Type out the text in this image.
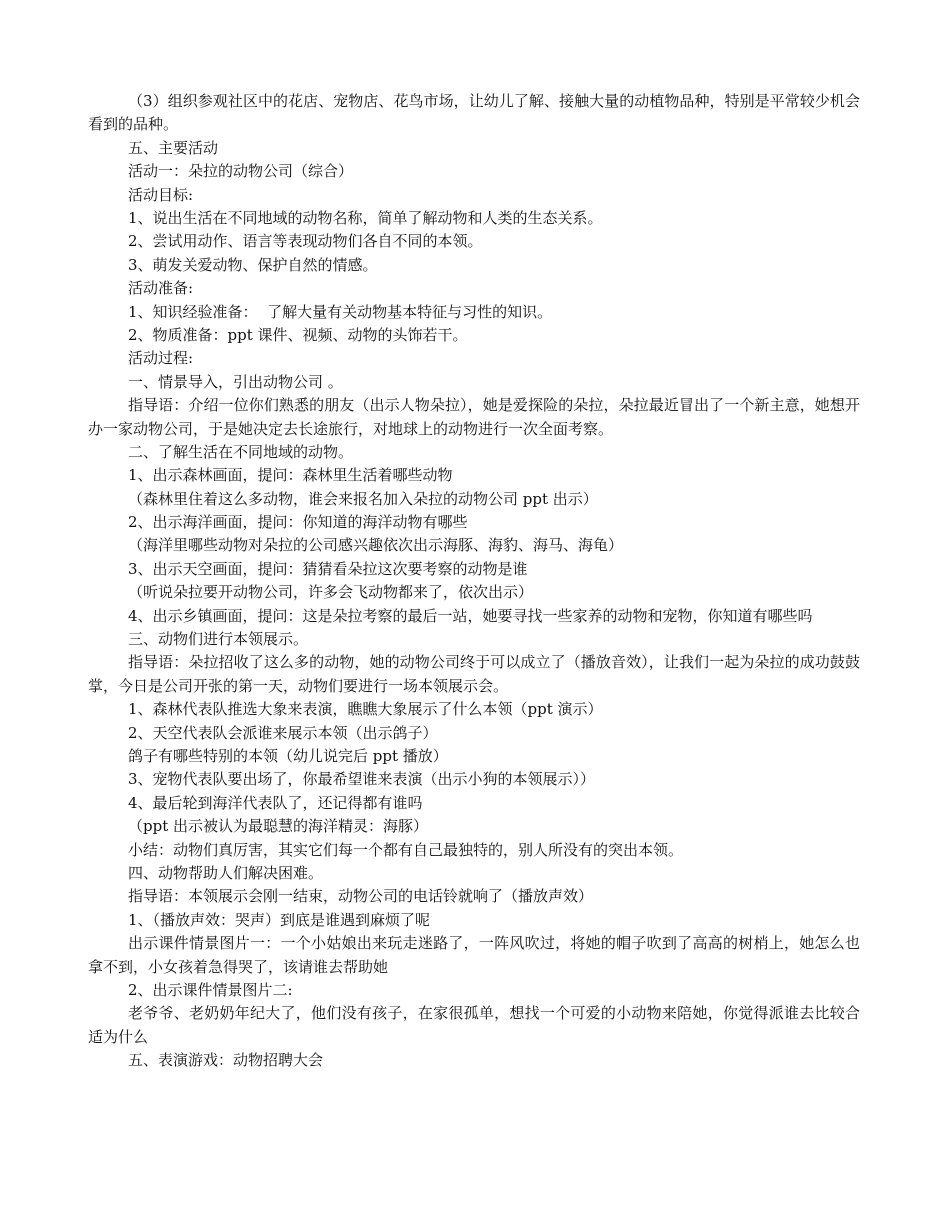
（3）组织参观社区中的花店、宠物店、花鸟市场，让幼儿了解、接触大量的动植物品种，特别是平常较少机会看到的品种。
五、主要活动
活动一：朵拉的动物公司（综合）
活动目标:
1、说出生活在不同地域的动物名称，简单了解动物和人类的生态关系。
2、尝试用动作、语言等表现动物们各自不同的本领。
3、萌发关爱动物、保护自然的情感。
活动准备:
1、知识经验准备：  了解大量有关动物基本特征与习性的知识。
2、物质准备：ppt 课件、视频、动物的头饰若干。
活动过程:
一、情景导入，引出动物公司 。
指导语：介绍一位你们熟悉的朋友（出示人物朵拉），她是爱探险的朵拉，朵拉最近冒出了一个新主意，她想开办一家动物公司，于是她决定去长途旅行，对地球上的动物进行一次全面考察。
二、了解生活在不同地域的动物。
1、出示森林画面，提问：森林里生活着哪些动物
（森林里住着这么多动物，谁会来报名加入朵拉的动物公司 ppt 出示）
2、出示海洋画面，提问：你知道的海洋动物有哪些
（海洋里哪些动物对朵拉的公司感兴趣依次出示海豚、海豹、海马、海龟）
3、出示天空画面，提问：猜猜看朵拉这次要考察的动物是谁
（听说朵拉要开动物公司，许多会飞动物都来了，依次出示）
4、出示乡镇画面，提问：这是朵拉考察的最后一站，她要寻找一些家养的动物和宠物，你知道有哪些吗
三、动物们进行本领展示。
指导语：朵拉招收了这么多的动物，她的动物公司终于可以成立了（播放音效），让我们一起为朵拉的成功鼓鼓掌，今日是公司开张的第一天，动物们要进行一场本领展示会。
1、森林代表队推选大象来表演，瞧瞧大象展示了什么本领（ppt 演示）
2、天空代表队会派谁来展示本领（出示鸽子）
鸽子有哪些特别的本领（幼儿说完后 ppt 播放）
3、宠物代表队要出场了，你最希望谁来表演（出示小狗的本领展示））
4、最后轮到海洋代表队了，还记得都有谁吗
（ppt 出示被认为最聪慧的海洋精灵：海豚）
小结：动物们真厉害，其实它们每一个都有自己最独特的，别人所没有的突出本领。
四、动物帮助人们解决困难。
指导语：本领展示会刚一结束，动物公司的电话铃就响了（播放声效）
1、（播放声效：哭声）到底是谁遇到麻烦了呢
出示课件情景图片一：一个小姑娘出来玩走迷路了，一阵风吹过，将她的帽子吹到了高高的树梢上，她怎么也拿不到，小女孩着急得哭了，该请谁去帮助她
2、出示课件情景图片二:
老爷爷、老奶奶年纪大了，他们没有孩子，在家很孤单，想找一个可爱的小动物来陪她，你觉得派谁去比较合适为什么
五、表演游戏：动物招聘大会
